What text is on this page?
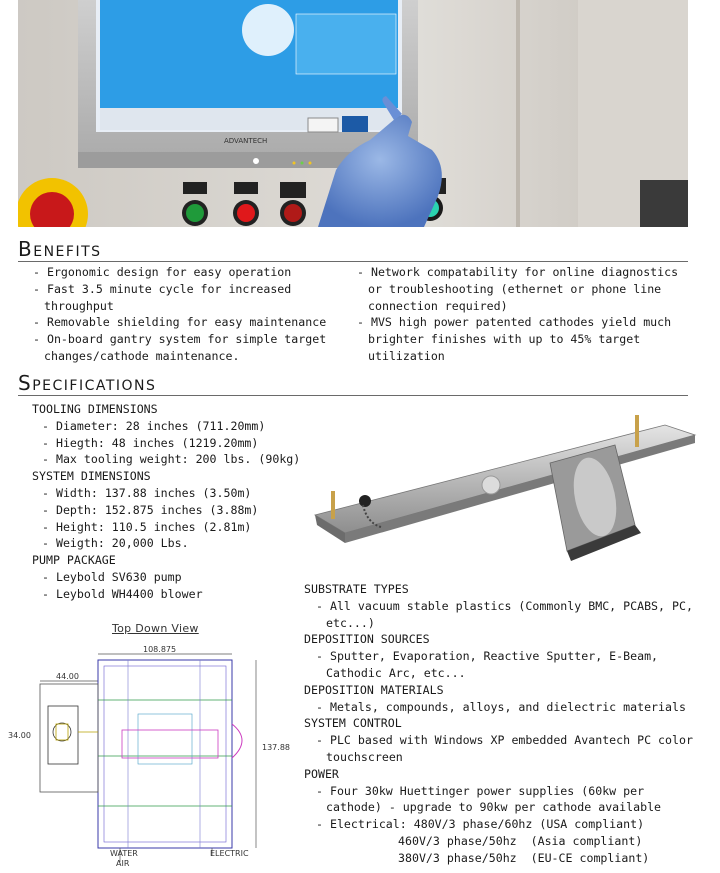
ADVANTECH
Benefits
- Ergonomic design for easy operation
- Fast 3.5 minute cycle for increased throughput
- Removable shielding for easy maintenance
- On-board gantry system for simple target changes/cathode maintenance.
- Network compatability for online diagnostics or troubleshooting (ethernet or phone line connection required)
- MVS high power patented cathodes yield much brighter finishes with up to 45% target utilization
Specifications
TOOLING DIMENSIONS
- Diameter: 28 inches (711.20mm)
- Hiegth: 48 inches (1219.20mm)
- Max tooling weight: 200 lbs. (90kg)
SYSTEM DIMENSIONS
- Width: 137.88 inches (3.50m)
- Depth: 152.875 inches (3.88m)
- Height: 110.5 inches (2.81m)
- Weigth: 20,000 Lbs.
PUMP PACKAGE
- Leybold SV630 pump
- Leybold WH4400 blower	SUBSTRATE TYPES
- All vacuum stable plastics (Commonly BMC, PCABS, PC, etc...)
DEPOSITION SOURCES
- Sputter, Evaporation, Reactive Sputter, E-Beam, Cathodic Arc, etc...
DEPOSITION MATERIALS
- Metals, compounds, alloys, and dielectric materials
SYSTEM CONTROL
- PLC based with Windows XP embedded Avantech PC color touchscreen
POWER
- Four 30kw Huettinger power supplies (60kw per cathode) - upgrade to 90kw per cathode available
- Electrical: 480V/3 phase/60hz (USA compliant)
460V/3 phase/50hz  (Asia compliant)
380V/3 phase/50hz  (EU-CE compliant)
Top Down View
108.875
44.00
34.00
137.88
WATER
AIR
ELECTRIC
